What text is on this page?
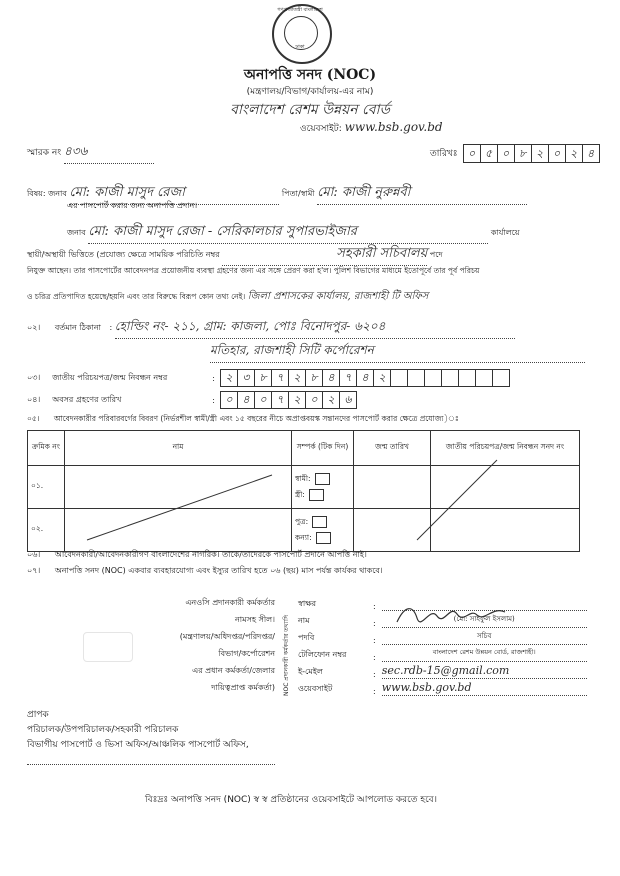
গণপ্রজাতন্ত্রী বাংলাদেশ
ঢাকা
অনাপত্তি সনদ (NOC)
(মন্ত্রণালয়/বিভাগ/কার্যালয়-এর নাম)
বাংলাদেশ রেশম উন্নয়ন বোর্ড
ওয়েবসাইট: www.bsb.gov.bd
স্মারক নং ৪৩৬	তারিখঃ ০ ৫ ০ ৮ ২ ০ ২ ৪
বিষয়: জনাব মো: কাজী মাসুদ রেজা	পিতা/স্বামী মো: কাজী নুরুন্নবী
এর পাসপোর্ট করার জন্য অনাপত্তি প্রদান।
জনাব মো: কাজী মাসুদ রেজা - সেরিকালচার সুপারভাইজার	কার্যালয়ে
স্থায়ী/অস্থায়ী ভিত্তিতে (প্রযোজ্য ক্ষেত্রে সাময়িক পরিচিতি নম্বর	সহকারী সচিবালয় পদে
নিযুক্ত আছেন। তার পাসপোর্টের আবেদনপত্র প্রয়োজনীয় ব্যবস্থা গ্রহণের জন্য এর সঙ্গে প্রেরণ করা হ'ল। পুলিশ বিভাগের মাধ্যমে ইতোপূর্বে তার পূর্ব পরিচয়
ও চরিত্র প্রতিপাদিত হয়েছে/হয়নি এবং তার বিরুদ্ধে বিরূপ কোন তথ্য নেই। জিলা প্রশাসকের কার্যালয়, রাজশাহী টি অফিস
০২। বর্তমান ঠিকানা : হোল্ডিং নং- ২১১, গ্রাম: কাজলা, পোঃ বিনোদপুর- ৬২০৪
মতিহার, রাজশাহী সিটি কর্পোরেশন
০৩। জাতীয় পরিচয়পত্র/জন্ম নিবন্ধন নম্বর	: ২ ৩ ৮ ৭ ২ ৮ ৪ ৭ ৪ ২
০৪। অবসর গ্রহণের তারিখ	: ০ ৪ ০ ৭ ২ ০ ২ ৬
০৫। আবেদনকারীর পরিবারবর্গের বিবরণ (নির্ভরশীল স্বামী/স্ত্রী এবং ১৫ বছরের নীচে অপ্রাপ্তবয়স্ক সন্তানদের পাসপোর্ট করার ক্ষেত্রে প্রযোজ্য)ঃ
ক্রমিক নং	নাম	সম্পর্ক (টিক দিন)	জন্ম তারিখ	জাতীয় পরিচয়পত্র/জন্ম নিবন্ধন সনদ নং
০১.		স্বামী:
স্ত্রী:		

০২.		পুত্র:
কন্যা:		

০৬। আবেদনকারী/আবেদনকারীগণ বাংলাদেশের নাগরিক। তাকে/তাদেরকে পাসপোর্ট প্রদানে আপত্তি নাই।
০৭। অনাপত্তি সনদ (NOC) একবার ব্যবহারযোগ্য এবং ইস্যুর তারিখ হতে ০৬ (ছয়) মাস পর্যন্ত কার্যকর থাকবে।
এনওসি প্রদানকারী কর্মকর্তার
নামসহ সীল।
(মন্ত্রণালয়/অধিদপ্তর/পরিদপ্তর/
বিভাগ/কর্পোরেশন
এর প্রধান কর্মকর্তা/জেলার
দায়িত্বপ্রাপ্ত কর্মকর্তা)	NOC প্রদানকারী কর্মকর্তার তথ্যাদি
স্বাক্ষর	:
নাম	:	(মো: সাইফুল ইসলাম)
পদবি	:	সচিব
টেলিফোন নম্বর	:
বাংলাদেশ রেশম উন্নয়ন বোর্ড, রাজশাহী।
ই-মেইল	: sec.rdb-15@gmail.com
ওয়েবসাইট	: www.bsb.gov.bd
প্রাপক
পরিচালক/উপপরিচালক/সহকারী পরিচালক
বিভাগীয় পাসপোর্ট ও ভিসা অফিস/আঞ্চলিক পাসপোর্ট অফিস,
বিঃদ্রঃ অনাপত্তি সনদ (NOC) স্ব স্ব প্রতিষ্ঠানের ওয়েবসাইটে আপলোড করতে হবে।
